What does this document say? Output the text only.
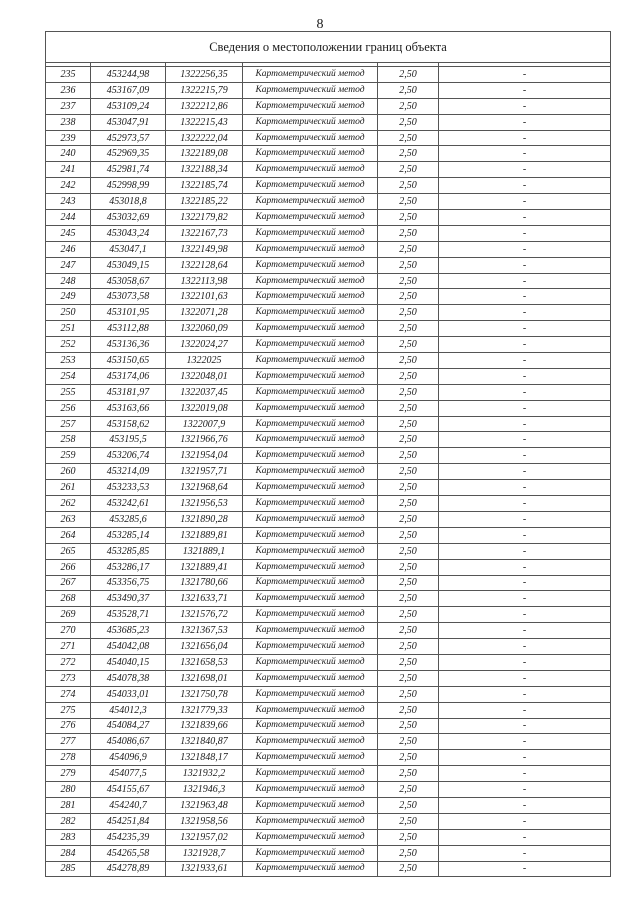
8
Сведения о местоположении границ объекта					

235	453244,98	1322256,35	Картометрический метод	2,50	-
236	453167,09	1322215,79	Картометрический метод	2,50	-
237	453109,24	1322212,86	Картометрический метод	2,50	-
238	453047,91	1322215,43	Картометрический метод	2,50	-
239	452973,57	1322222,04	Картометрический метод	2,50	-
240	452969,35	1322189,08	Картометрический метод	2,50	-
241	452981,74	1322188,34	Картометрический метод	2,50	-
242	452998,99	1322185,74	Картометрический метод	2,50	-
243	453018,8	1322185,22	Картометрический метод	2,50	-
244	453032,69	1322179,82	Картометрический метод	2,50	-
245	453043,24	1322167,73	Картометрический метод	2,50	-
246	453047,1	1322149,98	Картометрический метод	2,50	-
247	453049,15	1322128,64	Картометрический метод	2,50	-
248	453058,67	1322113,98	Картометрический метод	2,50	-
249	453073,58	1322101,63	Картометрический метод	2,50	-
250	453101,95	1322071,28	Картометрический метод	2,50	-
251	453112,88	1322060,09	Картометрический метод	2,50	-
252	453136,36	1322024,27	Картометрический метод	2,50	-
253	453150,65	1322025	Картометрический метод	2,50	-
254	453174,06	1322048,01	Картометрический метод	2,50	-
255	453181,97	1322037,45	Картометрический метод	2,50	-
256	453163,66	1322019,08	Картометрический метод	2,50	-
257	453158,62	1322007,9	Картометрический метод	2,50	-
258	453195,5	1321966,76	Картометрический метод	2,50	-
259	453206,74	1321954,04	Картометрический метод	2,50	-
260	453214,09	1321957,71	Картометрический метод	2,50	-
261	453233,53	1321968,64	Картометрический метод	2,50	-
262	453242,61	1321956,53	Картометрический метод	2,50	-
263	453285,6	1321890,28	Картометрический метод	2,50	-
264	453285,14	1321889,81	Картометрический метод	2,50	-
265	453285,85	1321889,1	Картометрический метод	2,50	-
266	453286,17	1321889,41	Картометрический метод	2,50	-
267	453356,75	1321780,66	Картометрический метод	2,50	-
268	453490,37	1321633,71	Картометрический метод	2,50	-
269	453528,71	1321576,72	Картометрический метод	2,50	-
270	453685,23	1321367,53	Картометрический метод	2,50	-
271	454042,08	1321656,04	Картометрический метод	2,50	-
272	454040,15	1321658,53	Картометрический метод	2,50	-
273	454078,38	1321698,01	Картометрический метод	2,50	-
274	454033,01	1321750,78	Картометрический метод	2,50	-
275	454012,3	1321779,33	Картометрический метод	2,50	-
276	454084,27	1321839,66	Картометрический метод	2,50	-
277	454086,67	1321840,87	Картометрический метод	2,50	-
278	454096,9	1321848,17	Картометрический метод	2,50	-
279	454077,5	1321932,2	Картометрический метод	2,50	-
280	454155,67	1321946,3	Картометрический метод	2,50	-
281	454240,7	1321963,48	Картометрический метод	2,50	-
282	454251,84	1321958,56	Картометрический метод	2,50	-
283	454235,39	1321957,02	Картометрический метод	2,50	-
284	454265,58	1321928,7	Картометрический метод	2,50	-
285	454278,89	1321933,61	Картометрический метод	2,50	-
